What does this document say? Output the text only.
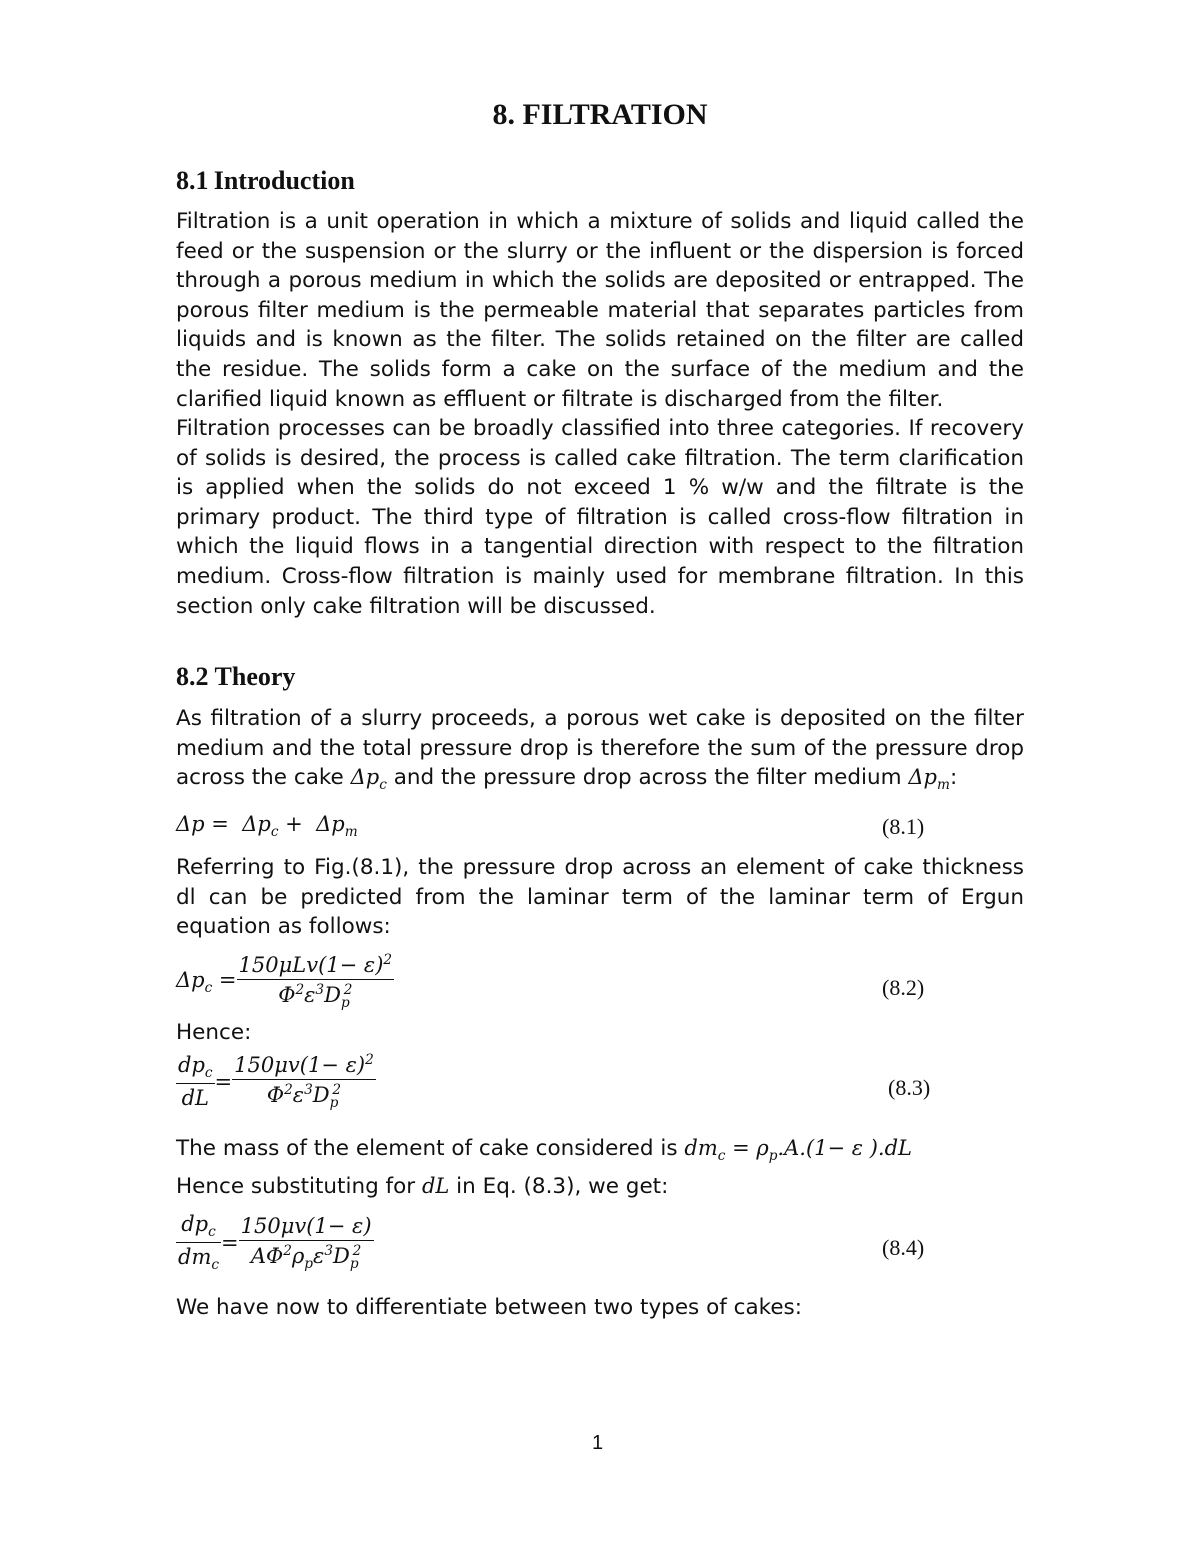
8. FILTRATION
8.1 Introduction

Filtration is a unit operation in which a mixture of solids and liquid called the feed or the suspension or the slurry or the influent or the dispersion is forced through a porous medium in which the solids are deposited or entrapped. The porous filter medium is the permeable material that separates particles from liquids and is known as the filter. The solids retained on the filter are called the residue. The solids form a cake on the surface of the medium and the clarified liquid known as effluent or filtrate is discharged from the filter.

Filtration processes can be broadly classified into three categories. If recovery of solids is desired, the process is called cake filtration. The term clarification is applied when the solids do not exceed 1 % w/w and the filtrate is the primary product. The third type of filtration is called cross-flow filtration in which the liquid flows in a tangential direction with respect to the filtration medium. Cross-flow filtration is mainly used for membrane filtration. In this section only cake filtration will be discussed.

8.2 Theory

As filtration of a slurry proceeds, a porous wet cake is deposited on the filter medium and the total pressure drop is therefore the sum of the pressure drop across the cake $\Delta p_c$ and the pressure drop across the filter medium $\Delta p_m$:

$\Delta p = \Delta p_c + \Delta p_m$	(8.1)

Referring to Fig.(8.1), the pressure drop across an element of cake thickness dl can be predicted from the laminar term of the laminar term of Ergun equation as follows:

$\Delta p_c = \frac{150\mu Lv(1- \varepsilon)^2}{\Phi^2\varepsilon^3D_p^2}$	(8.2)
Hence:
$\frac{dp_c}{dL} = \frac{150\mu v(1- \varepsilon)^2}{\Phi^2\varepsilon^3D_p^2}$	(8.3)
The mass of the element of cake considered is $dm_c = \rho_p.A.(1- \varepsilon$ ).dL
Hence substituting for dL in Eq. (8.3), we get:
$\frac{dp_c}{dm_c} = \frac{150\mu v(1- \varepsilon)}{A\Phi^2\rho_p\varepsilon^3D_p^2}$	(8.4)
We have now to differentiate between two types of cakes:
1
